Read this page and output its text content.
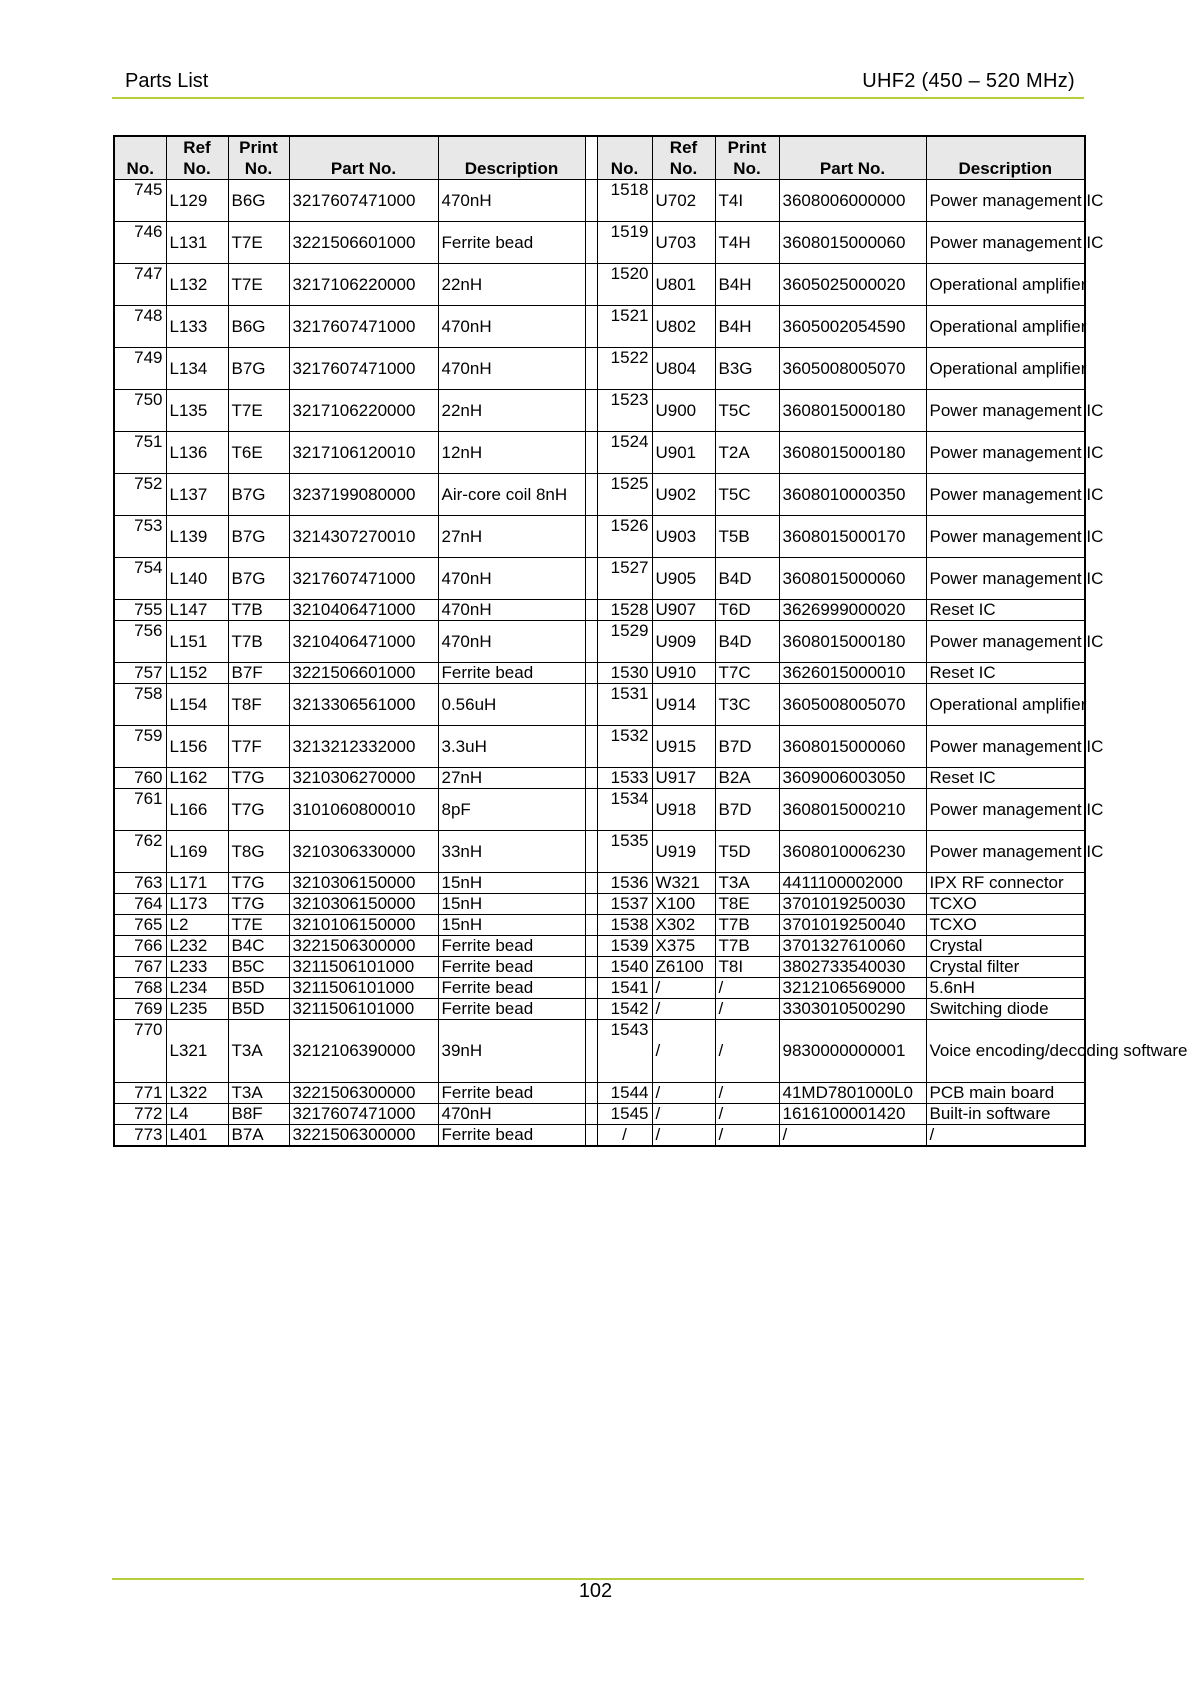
Parts List	UHF2 (450 – 520 MHz)
No.	Ref No.	Print No.	Part No.	Description		No.	Ref No.	Print No.	Part No.	Description
745	L129	B6G	3217607471000	470nH		1518	U702	T4I	3608006000000	Power management IC
746	L131	T7E	3221506601000	Ferrite bead		1519	U703	T4H	3608015000060	Power management IC
747	L132	T7E	3217106220000	22nH		1520	U801	B4H	3605025000020	Operational amplifier
748	L133	B6G	3217607471000	470nH		1521	U802	B4H	3605002054590	Operational amplifier
749	L134	B7G	3217607471000	470nH		1522	U804	B3G	3605008005070	Operational amplifier
750	L135	T7E	3217106220000	22nH		1523	U900	T5C	3608015000180	Power management IC
751	L136	T6E	3217106120010	12nH		1524	U901	T2A	3608015000180	Power management IC
752	L137	B7G	3237199080000	Air-core coil 8nH		1525	U902	T5C	3608010000350	Power management IC
753	L139	B7G	3214307270010	27nH		1526	U903	T5B	3608015000170	Power management IC
754	L140	B7G	3217607471000	470nH		1527	U905	B4D	3608015000060	Power management IC
755	L147	T7B	3210406471000	470nH		1528	U907	T6D	3626999000020	Reset IC
756	L151	T7B	3210406471000	470nH		1529	U909	B4D	3608015000180	Power management IC
757	L152	B7F	3221506601000	Ferrite bead		1530	U910	T7C	3626015000010	Reset IC
758	L154	T8F	3213306561000	0.56uH		1531	U914	T3C	3605008005070	Operational amplifier
759	L156	T7F	3213212332000	3.3uH		1532	U915	B7D	3608015000060	Power management IC
760	L162	T7G	3210306270000	27nH		1533	U917	B2A	3609006003050	Reset IC
761	L166	T7G	3101060800010	8pF		1534	U918	B7D	3608015000210	Power management IC
762	L169	T8G	3210306330000	33nH		1535	U919	T5D	3608010006230	Power management IC
763	L171	T7G	3210306150000	15nH		1536	W321	T3A	4411100002000	IPX RF connector
764	L173	T7G	3210306150000	15nH		1537	X100	T8E	3701019250030	TCXO
765	L2	T7E	3210106150000	15nH		1538	X302	T7B	3701019250040	TCXO
766	L232	B4C	3221506300000	Ferrite bead		1539	X375	T7B	3701327610060	Crystal
767	L233	B5C	3211506101000	Ferrite bead		1540	Z6100	T8I	3802733540030	Crystal filter
768	L234	B5D	3211506101000	Ferrite bead		1541	/	/	3212106569000	5.6nH
769	L235	B5D	3211506101000	Ferrite bead		1542	/	/	3303010500290	Switching diode
770	L321	T3A	3212106390000	39nH		1543	/	/	9830000000001	Voice encoding/decoding software
771	L322	T3A	3221506300000	Ferrite bead		1544	/	/	41MD7801000L0	PCB main board
772	L4	B8F	3217607471000	470nH		1545	/	/	1616100001420	Built-in software
773	L401	B7A	3221506300000	Ferrite bead		/	/	/	/	/
102
